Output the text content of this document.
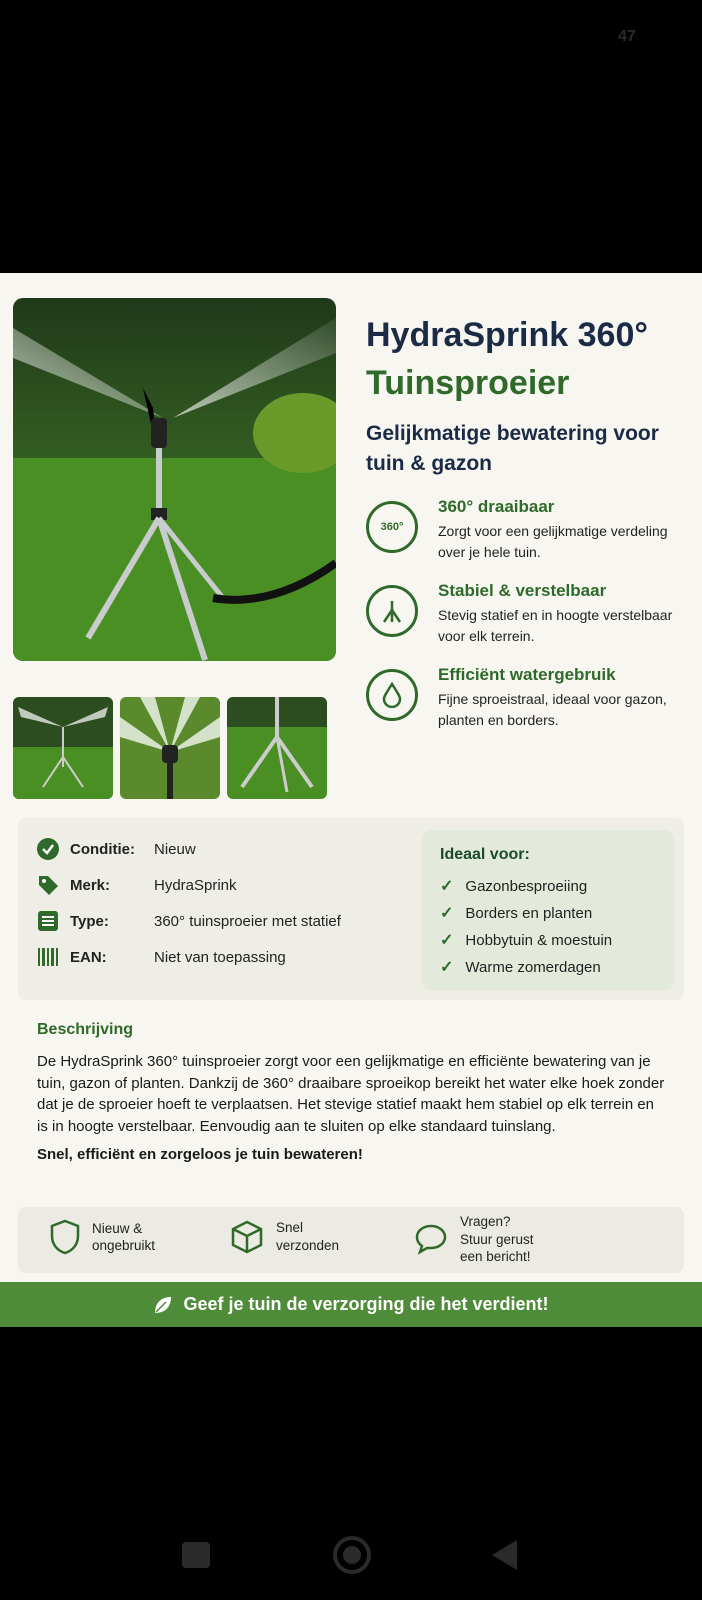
47
HydraSprink 360°
Tuinsproeier
Gelijkmatige bewatering voor tuin & gazon
360°
360° draaibaar
Zorgt voor een gelijkmatige verdeling over je hele tuin.
Stabiel & verstelbaar
Stevig statief en in hoogte verstelbaar voor elk terrein.
Efficiënt watergebruik
Fijne sproeistraal, ideaal voor gazon, planten en borders.
Conditie:	Nieuw
Merk:	HydraSprink
Type:	360° tuinsproeier met statief
EAN:	Niet van toepassing
Ideaal voor:
✓ Gazonbesproeiing
✓ Borders en planten
✓ Hobbytuin & moestuin
✓ Warme zomerdagen
Beschrijving
De HydraSprink 360° tuinsproeier zorgt voor een gelijkmatige en efficiënte bewatering van je tuin, gazon of planten. Dankzij de 360° draaibare sproeikop bereikt het water elke hoek zonder dat je de sproeier hoeft te verplaatsen. Het stevige statief maakt hem stabiel op elk terrein en is in hoogte verstelbaar. Eenvoudig aan te sluiten op elke standaard tuinslang.
Snel, efficiënt en zorgeloos je tuin bewateren!
Nieuw &
ongebruikt
Snel
verzonden
Vragen?
Stuur gerust
een bericht!
Geef je tuin de verzorging die het verdient!
